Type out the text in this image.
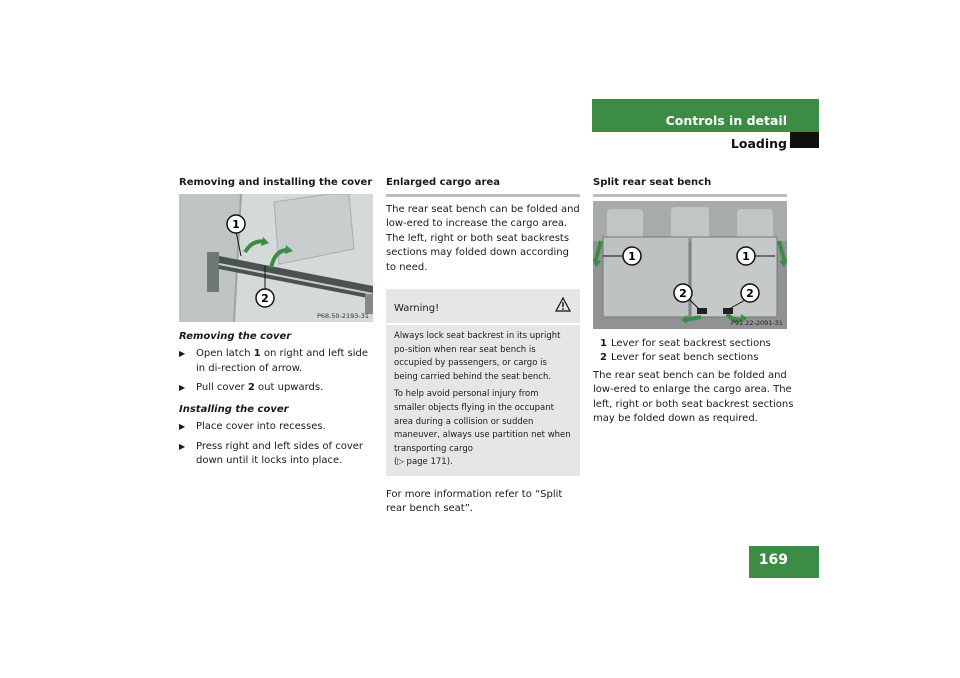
Controls in detail
Loading

Removing and installing the cover

1
2
P68.50-2193-31

Removing the cover

▶ Open latch 1 on right and left side in di-rection of arrow.

▶ Pull cover 2 out upwards.

Installing the cover

▶ Place cover into recesses.

▶ Press right and left sides of cover down until it locks into place.

Enlarged cargo area

The rear seat bench can be folded and low-ered to increase the cargo area. The left, right or both seat backrests sections may folded down according to need.

Warning!

Always lock seat backrest in its upright po-sition when rear seat bench is occupied by passengers, or cargo is being carried behind the seat bench.

To help avoid personal injury from smaller objects flying in the occupant area during a collision or sudden maneuver, always use partition net when transporting cargo
(▷ page 171).

For more information refer to “Split rear bench seat”.

Split rear seat bench

1	1
2	2
P91.22-2091-31

1 Lever for seat backrest sections

2 Lever for seat bench sections

The rear seat bench can be folded and low-ered to enlarge the cargo area. The left, right or both seat backrest sections may be folded down as required.

169
